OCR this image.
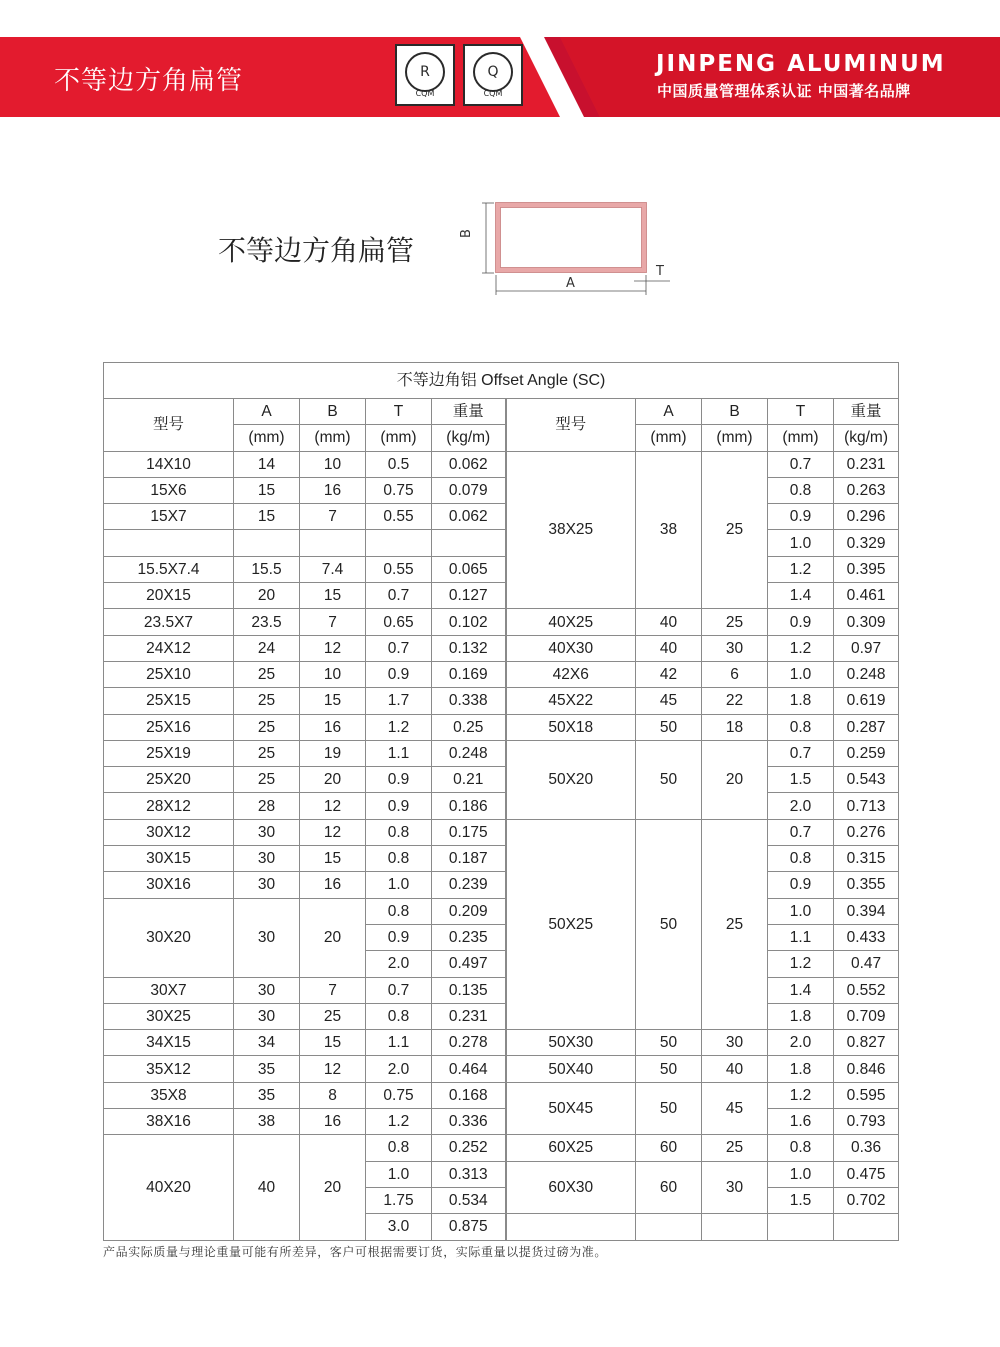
不等边方角扁管	R
CQM
Q
CQM
JINPENG ALUMINUM
中国质量管理体系认证 中国著名品牌
不等边方角扁管
B
A
T
不等边角铝 Offset Angle (SC)									
型号	A	B	T	重量	型号	A	B	T	重量
	(mm)	(mm)	(mm)	(kg/m)		(mm)	(mm)	(mm)	(kg/m)
14X10	14	10	0.5	0.062	38X25	38	25	0.7	0.231
15X6	15	16	0.75	0.079				0.8	0.263
15X7	15	7	0.55	0.062				0.9	0.296
								1.0	0.329
15.5X7.4	15.5	7.4	0.55	0.065				1.2	0.395
20X15	20	15	0.7	0.127				1.4	0.461
23.5X7	23.5	7	0.65	0.102	40X25	40	25	0.9	0.309
24X12	24	12	0.7	0.132	40X30	40	30	1.2	0.97
25X10	25	10	0.9	0.169	42X6	42	6	1.0	0.248
25X15	25	15	1.7	0.338	45X22	45	22	1.8	0.619
25X16	25	16	1.2	0.25	50X18	50	18	0.8	0.287
25X19	25	19	1.1	0.248	50X20	50	20	0.7	0.259
25X20	25	20	0.9	0.21				1.5	0.543
28X12	28	12	0.9	0.186				2.0	0.713
30X12	30	12	0.8	0.175	50X25	50	25	0.7	0.276
30X15	30	15	0.8	0.187				0.8	0.315
30X16	30	16	1.0	0.239				0.9	0.355
30X20	30	20	0.8	0.209				1.0	0.394
			0.9	0.235				1.1	0.433
			2.0	0.497				1.2	0.47
30X7	30	7	0.7	0.135				1.4	0.552
30X25	30	25	0.8	0.231				1.8	0.709
34X15	34	15	1.1	0.278	50X30	50	30	2.0	0.827
35X12	35	12	2.0	0.464	50X40	50	40	1.8	0.846
35X8	35	8	0.75	0.168	50X45	50	45	1.2	0.595
38X16	38	16	1.2	0.336				1.6	0.793
40X20	40	20	0.8	0.252	60X25	60	25	0.8	0.36
			1.0	0.313	60X30	60	30	1.0	0.475
			1.75	0.534				1.5	0.702
			3.0	0.875					
产品实际质量与理论重量可能有所差异，客户可根据需要订货，实际重量以提货过磅为准。
